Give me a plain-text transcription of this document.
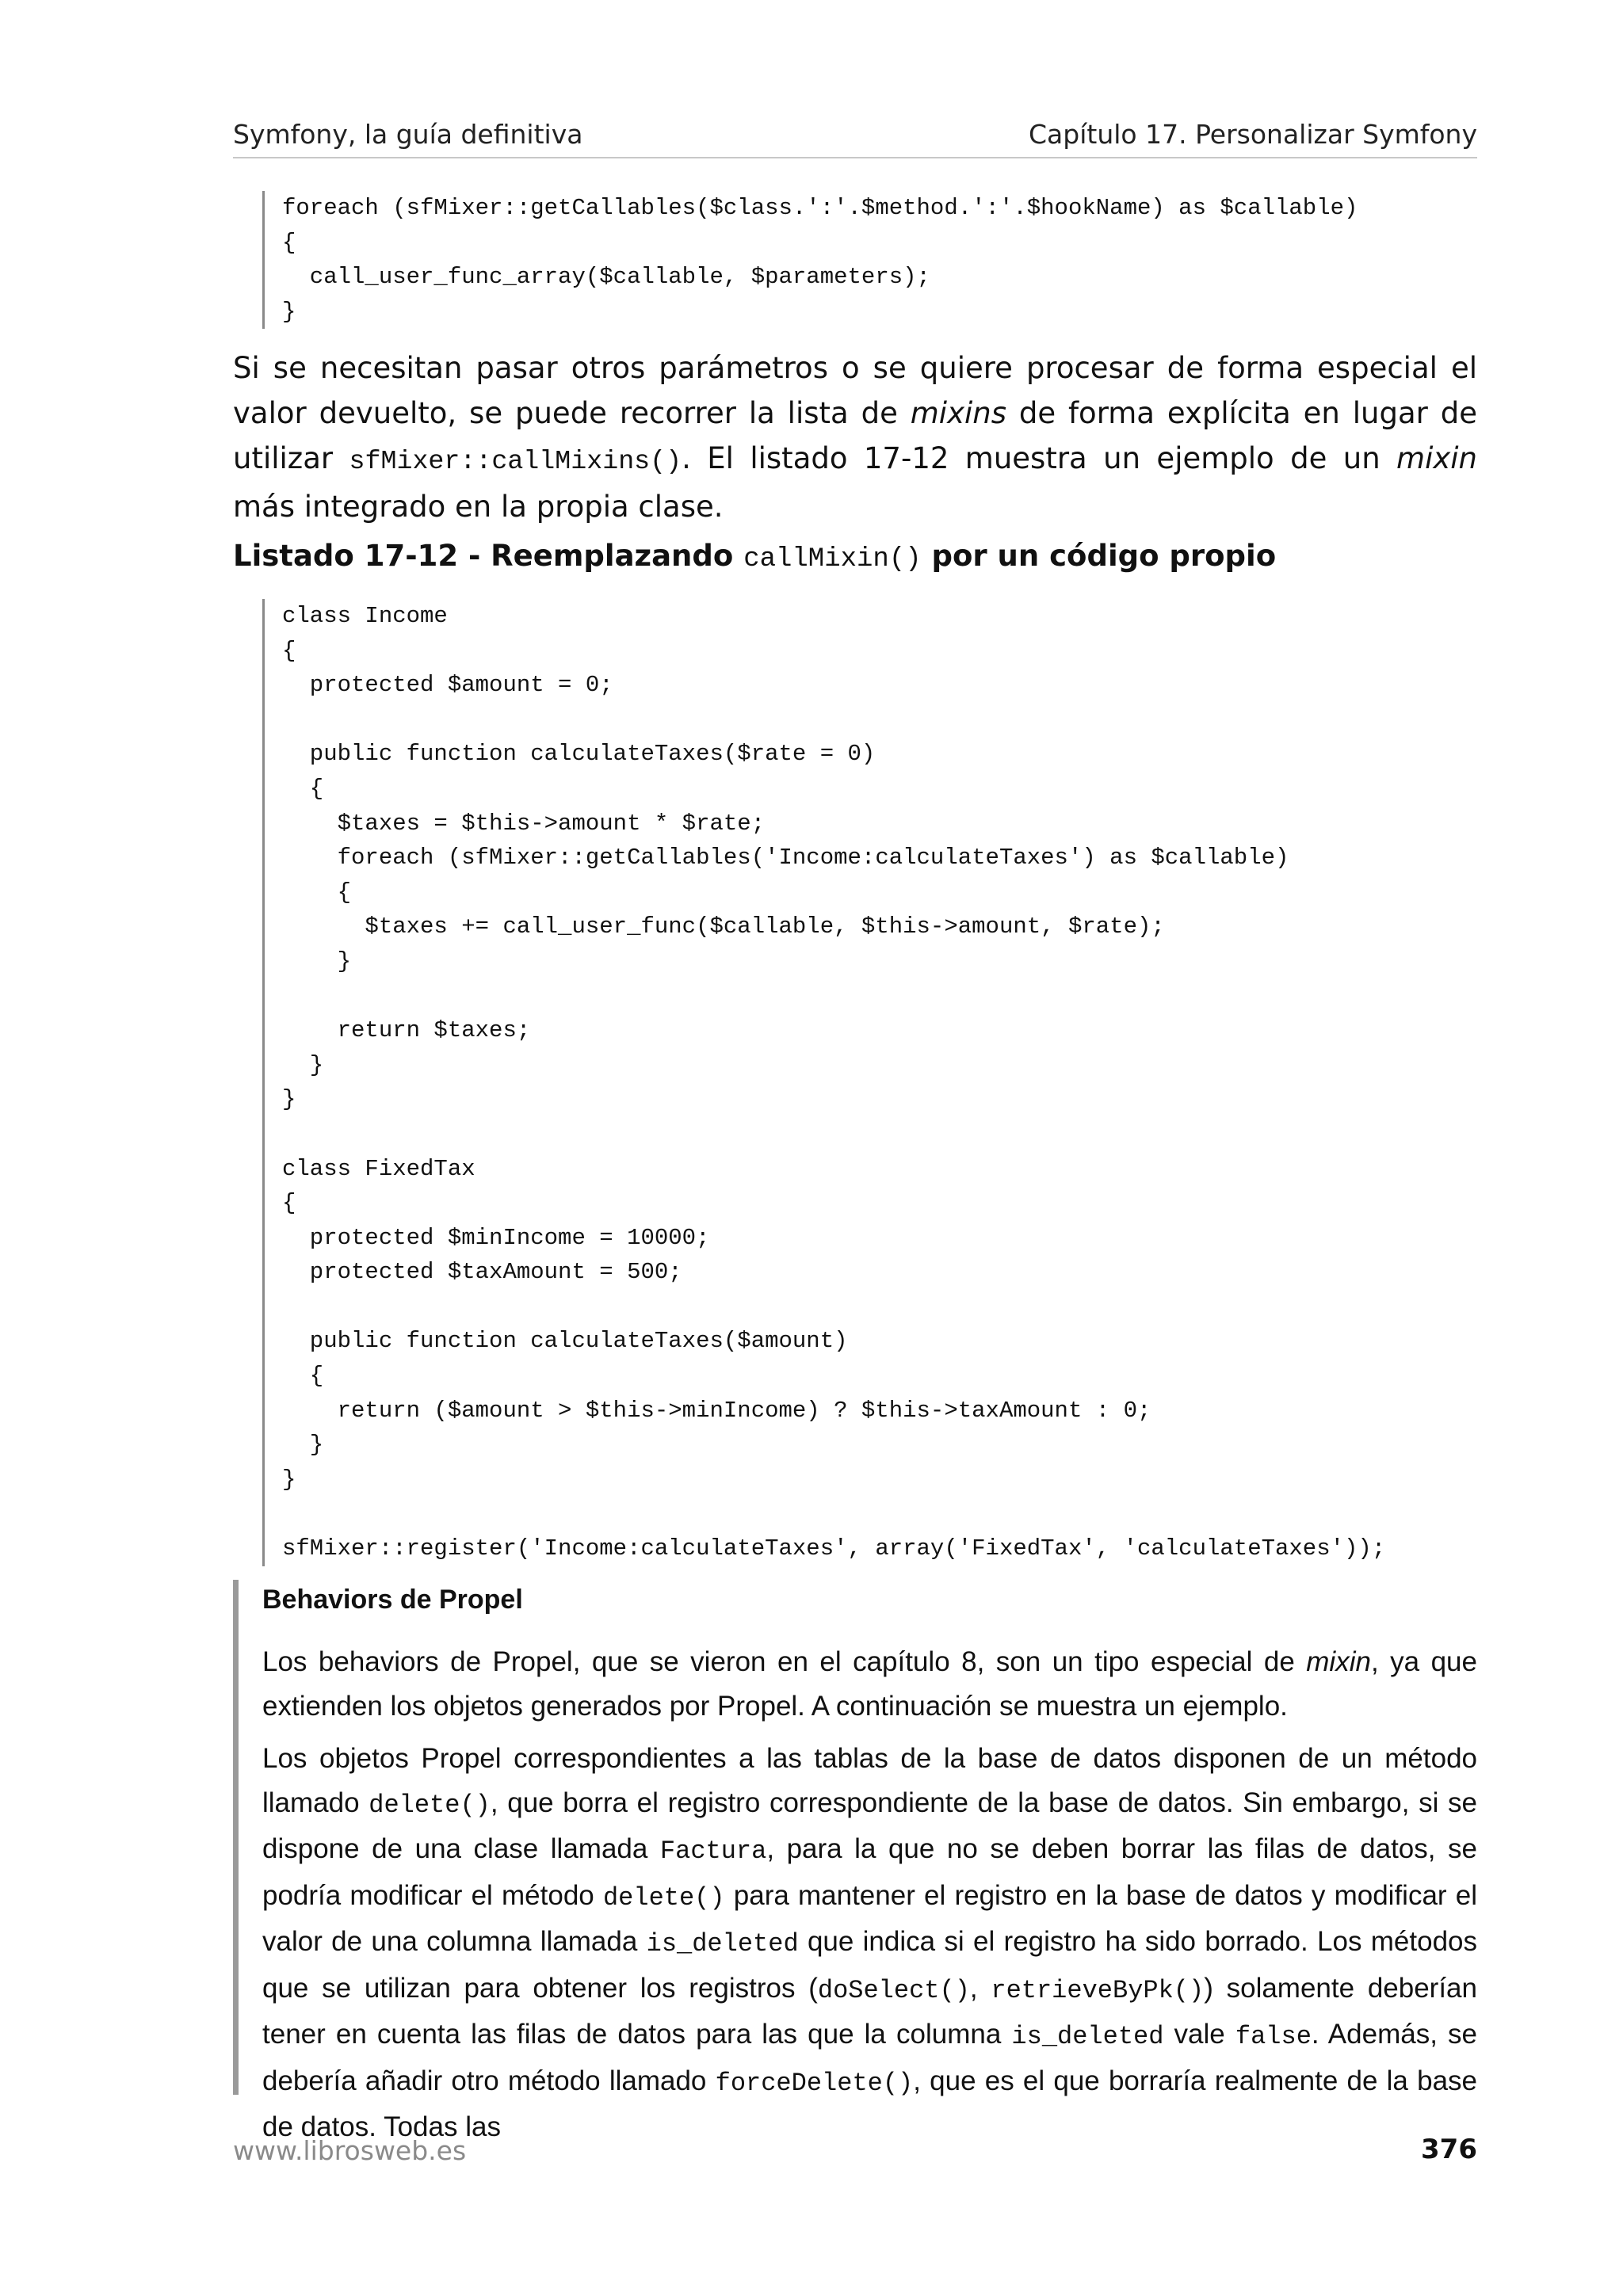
Symfony, la guía definitiva	Capítulo 17. Personalizar Symfony
foreach (sfMixer::getCallables($class.':'.$method.':'.$hookName) as $callable)
{
call_user_func_array($callable, $parameters);
}
Si se necesitan pasar otros parámetros o se quiere procesar de forma especial el valor devuelto, se puede recorrer la lista de mixins de forma explícita en lugar de utilizar sfMixer::callMixins(). El listado 17-12 muestra un ejemplo de un mixin más integrado en la propia clase.
Listado 17-12 - Reemplazando callMixin() por un código propio
class Income
{
protected $amount = 0;
public function calculateTaxes($rate = 0)
{
$taxes = $this->amount * $rate;
foreach (sfMixer::getCallables('Income:calculateTaxes') as $callable)
{
$taxes += call_user_func($callable, $this->amount, $rate);
}
return $taxes;
}
}
class FixedTax
{
protected $minIncome = 10000;
protected $taxAmount = 500;
public function calculateTaxes($amount)
{
return ($amount > $this->minIncome) ? $this->taxAmount : 0;
}
}
sfMixer::register('Income:calculateTaxes', array('FixedTax', 'calculateTaxes'));
Behaviors de Propel
Los behaviors de Propel, que se vieron en el capítulo 8, son un tipo especial de mixin, ya que extienden los objetos generados por Propel. A continuación se muestra un ejemplo.
Los objetos Propel correspondientes a las tablas de la base de datos disponen de un método llamado delete(), que borra el registro correspondiente de la base de datos. Sin embargo, si se dispone de una clase llamada Factura, para la que no se deben borrar las filas de datos, se podría modificar el método delete() para mantener el registro en la base de datos y modificar el valor de una columna llamada is_deleted que indica si el registro ha sido borrado. Los métodos que se utilizan para obtener los registros (doSelect(), retrieveByPk()) solamente deberían tener en cuenta las filas de datos para las que la columna is_deleted vale false. Además, se debería añadir otro método llamado forceDelete(), que es el que borraría realmente de la base de datos. Todas las
www.librosweb.es	376
